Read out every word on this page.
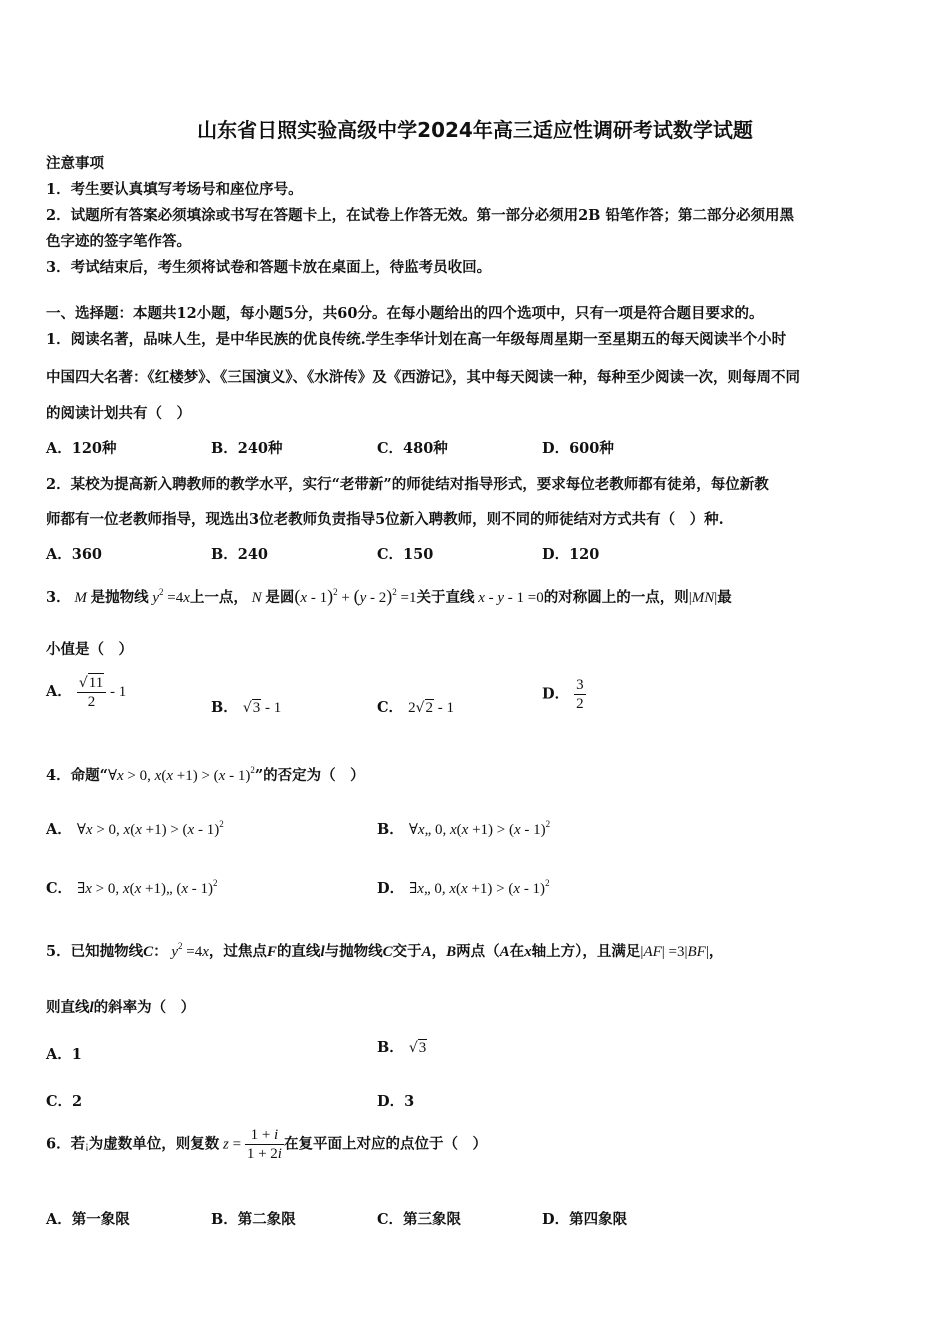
山东省日照实验高级中学2024年高三适应性调研考试数学试题
注意事项
1．考生要认真填写考场号和座位序号。
2．试题所有答案必须填涂或书写在答题卡上，在试卷上作答无效。第一部分必须用2B 铅笔作答；第二部分必须用黑
色字迹的签字笔作答。
3．考试结束后，考生须将试卷和答题卡放在桌面上，待监考员收回。
一、选择题：本题共12小题，每小题5分，共60分。在每小题给出的四个选项中，只有一项是符合题目要求的。
1．阅读名著，品味人生，是中华民族的优良传统.学生李华计划在高一年级每周星期一至星期五的每天阅读半个小时
中国四大名著：《红楼梦》、《三国演义》、《水浒传》及《西游记》，其中每天阅读一种，每种至少阅读一次，则每周不同
的阅读计划共有（　）
A．120种	B．240种	C．480种	D．600种
2．某校为提高新入聘教师的教学水平，实行“老带新”的师徒结对指导形式，要求每位老教师都有徒弟，每位新教
师都有一位老教师指导，现选出3位老教师负责指导5位新入聘教师，则不同的师徒结对方式共有（　）种.
A．360	B．240	C．150	D．120
3． M 是抛物线 $y^2 =4x$上一点， N 是圆(x - 1)$^2$ + (y - 2)$^2$ =1关于直线 x - y - 1 =0的对称圆上的一点，则|MN|最
小值是（　）
A． $\frac{√11}{2} - 1$
B． √3 - 1	C． 2√2 - 1
D． $\frac{3}{2}$
4．命题“∀x > 0, x(x +1) > (x - 1)$^2$”的否定为（　）
A． ∀x > 0, x(x +1) > (x - 1)$^2$	B． ∀x„ 0, x(x +1) > (x - 1)$^2$
C． ∃x > 0, x(x +1)„ (x - 1)$^2$	D． ∃x„ 0, x(x +1) > (x - 1)$^2$
5．已知抛物线C： $y^2 =4x$，过焦点F的直线l与抛物线C交于A，B两点（A在x轴上方），且满足|AF| =3|BF|，
则直线l的斜率为（　）
A．1	B． √3
C．2	D．3
6．若¡为虚数单位，则复数 $z = \frac{1 + i}{1 + 2i}$ 在复平面上对应的点位于（　）
A．第一象限	B．第二象限	C．第三象限	D．第四象限
